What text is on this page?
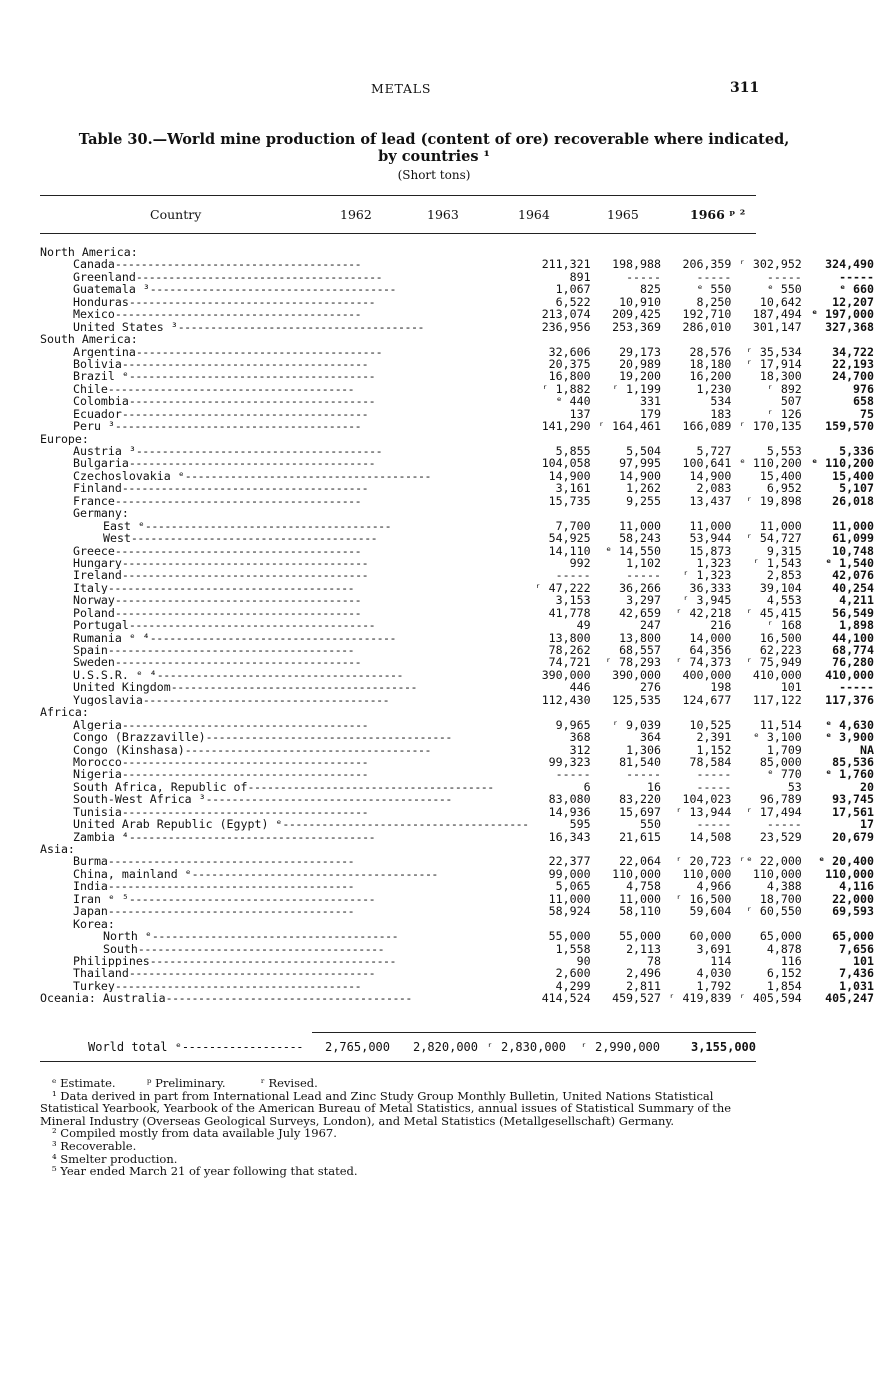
METALS	311
Table 30.—World mine production of lead (content of ore) recoverable where indicated,
by countries ¹
(Short tons)
Country	1962	1963	1964	1965	1966 ᵖ ²
North America:					
Canada--------------------------------------	211,321	198,988	206,359	ʳ 302,952	324,490
Greenland--------------------------------------	891	-----	-----	-----	-----
Guatemala ³--------------------------------------	1,067	825	ᵉ 550	ᵉ 550	ᵉ 660
Honduras--------------------------------------	6,522	10,910	8,250	10,642	12,207
Mexico--------------------------------------	213,074	209,425	192,710	187,494	ᵉ 197,000
United States ³--------------------------------------	236,956	253,369	286,010	301,147	327,368
South America:					
Argentina--------------------------------------	32,606	29,173	28,576	ʳ 35,534	34,722
Bolivia--------------------------------------	20,375	20,989	18,180	ʳ 17,914	22,193
Brazil ᵉ--------------------------------------	16,800	19,200	16,200	18,300	24,700
Chile--------------------------------------	ʳ 1,882	ʳ 1,199	1,230	ʳ 892	976
Colombia--------------------------------------	ᵉ 440	331	534	507	658
Ecuador--------------------------------------	137	179	183	ʳ 126	75
Peru ³--------------------------------------	141,290	ʳ 164,461	166,089	ʳ 170,135	159,570
Europe:					
Austria ³--------------------------------------	5,855	5,504	5,727	5,553	5,336
Bulgaria--------------------------------------	104,058	97,995	100,641	ᵉ 110,200	ᵉ 110,200
Czechoslovakia ᵉ--------------------------------------	14,900	14,900	14,900	15,400	15,400
Finland--------------------------------------	3,161	1,262	2,083	6,952	5,107
France--------------------------------------	15,735	9,255	13,437	ʳ 19,898	26,018
Germany:					
East ᵉ--------------------------------------	7,700	11,000	11,000	11,000	11,000
West--------------------------------------	54,925	58,243	53,944	ʳ 54,727	61,099
Greece--------------------------------------	14,110	ᵉ 14,550	15,873	9,315	10,748
Hungary--------------------------------------	992	1,102	1,323	ʳ 1,543	ᵉ 1,540
Ireland--------------------------------------	-----	-----	ʳ 1,323	2,853	42,076
Italy--------------------------------------	ʳ 47,222	36,266	36,333	39,104	40,254
Norway--------------------------------------	3,153	3,297	ʳ 3,945	4,553	4,211
Poland--------------------------------------	41,778	42,659	ʳ 42,218	ʳ 45,415	56,549
Portugal--------------------------------------	49	247	216	ʳ 168	1,898
Rumania ᵉ ⁴--------------------------------------	13,800	13,800	14,000	16,500	44,100
Spain--------------------------------------	78,262	68,557	64,356	62,223	68,774
Sweden--------------------------------------	74,721	ʳ 78,293	ʳ 74,373	ʳ 75,949	76,280
U.S.S.R. ᵉ ⁴--------------------------------------	390,000	390,000	400,000	410,000	410,000
United Kingdom--------------------------------------	446	276	198	101	-----
Yugoslavia--------------------------------------	112,430	125,535	124,677	117,122	117,376
Africa:					
Algeria--------------------------------------	9,965	ʳ 9,039	10,525	11,514	ᵉ 4,630
Congo (Brazzaville)--------------------------------------	368	364	2,391	ᵉ 3,100	ᵉ 3,900
Congo (Kinshasa)--------------------------------------	312	1,306	1,152	1,709	NA
Morocco--------------------------------------	99,323	81,540	78,584	85,000	85,536
Nigeria--------------------------------------	-----	-----	-----	ᵉ 770	ᵉ 1,760
South Africa, Republic of--------------------------------------	6	16	-----	53	20
South-West Africa ³--------------------------------------	83,080	83,220	104,023	96,789	93,745
Tunisia--------------------------------------	14,936	15,697	ʳ 13,944	ʳ 17,494	17,561
United Arab Republic (Egypt) ᵉ--------------------------------------	595	550	-----	-----	17
Zambia ⁴--------------------------------------	16,343	21,615	14,508	23,529	20,679
Asia:					
Burma--------------------------------------	22,377	22,064	ʳ 20,723	ʳᵉ 22,000	ᵉ 20,400
China, mainland ᵉ--------------------------------------	99,000	110,000	110,000	110,000	110,000
India--------------------------------------	5,065	4,758	4,966	4,388	4,116
Iran ᵉ ⁵--------------------------------------	11,000	11,000	ʳ 16,500	18,700	22,000
Japan--------------------------------------	58,924	58,110	59,604	ʳ 60,550	69,593
Korea:					
North ᵉ--------------------------------------	55,000	55,000	60,000	65,000	65,000
South--------------------------------------	1,558	2,113	3,691	4,878	7,656
Philippines--------------------------------------	90	78	114	116	101
Thailand--------------------------------------	2,600	2,496	4,030	6,152	7,436
Turkey--------------------------------------	4,299	2,811	1,792	1,854	1,031
Oceania: Australia--------------------------------------	414,524	459,527	ʳ 419,839	ʳ 405,594	405,247
World total ᵉ------------------ 2,765,000 2,820,000 ʳ 2,830,000 ʳ 2,990,000	3,155,000
ᵉ Estimate.	ᵖ Preliminary.	ʳ Revised.

¹ Data derived in part from International Lead and Zinc Study Group Monthly Bulletin, United Nations Statistical Statistical Yearbook, Yearbook of the American Bureau of Metal Statistics, annual issues of Statistical Summary of the Mineral Industry (Overseas Geological Surveys, London), and Metal Statistics (Metallgesellschaft) Germany.

² Compiled mostly from data available July 1967.

³ Recoverable.

⁴ Smelter production.

⁵ Year ended March 21 of year following that stated.
